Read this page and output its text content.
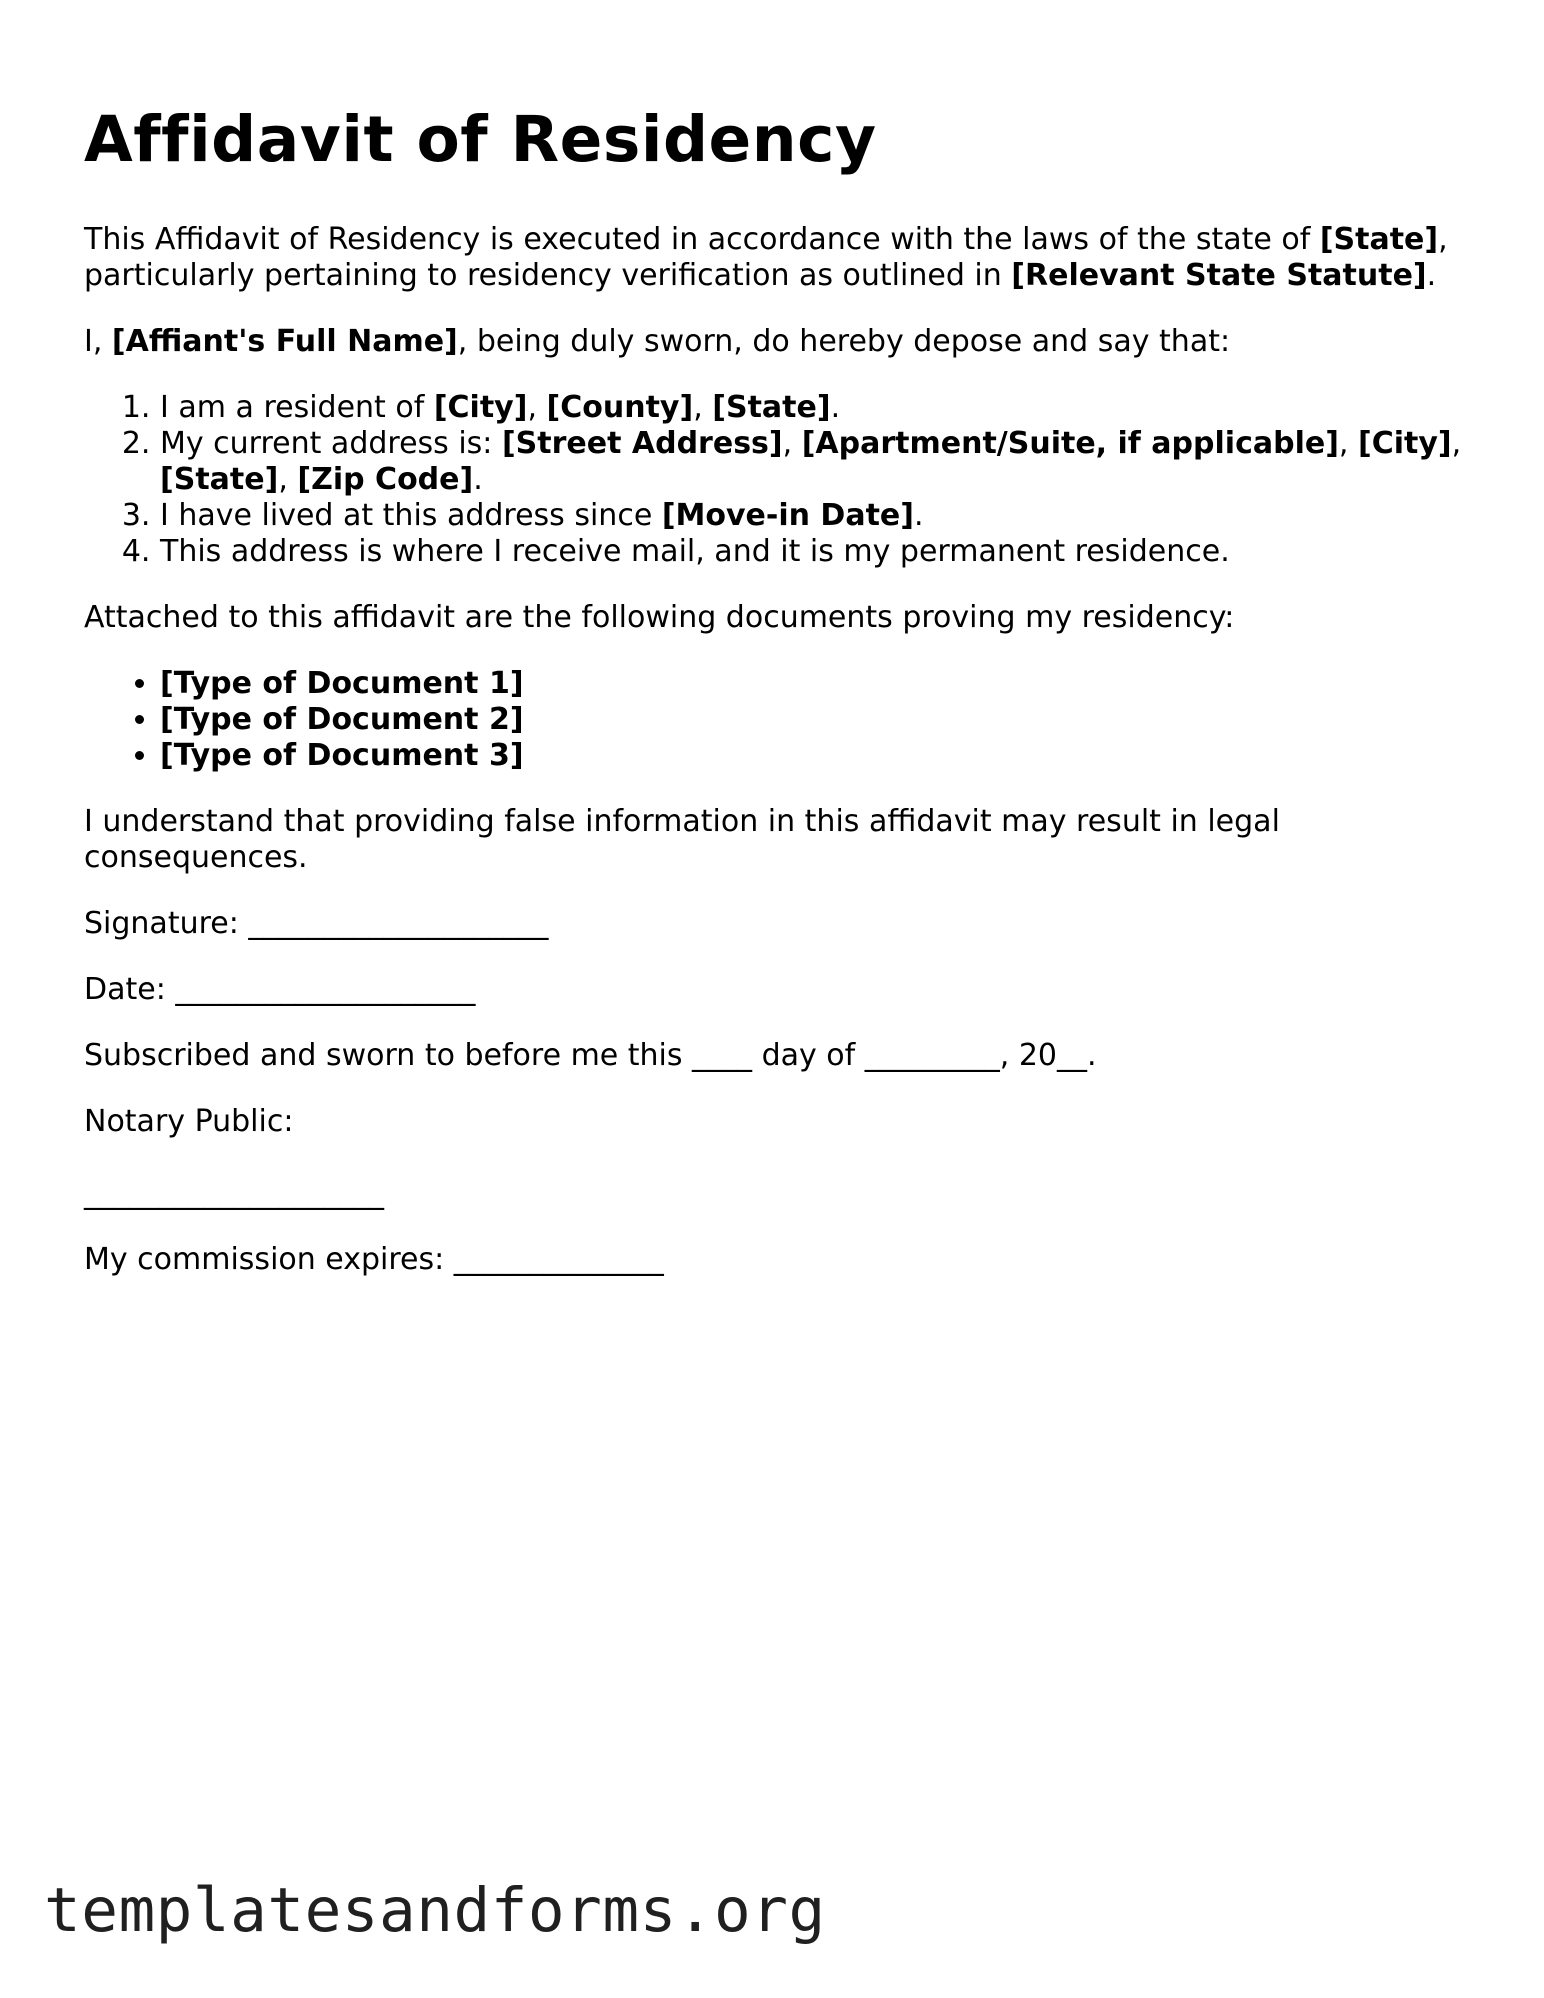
Affidavit of Residency

This Affidavit of Residency is executed in accordance with the laws of the state of [State], particularly pertaining to residency verification as outlined in [Relevant State Statute].

I, [Affiant's Full Name], being duly sworn, do hereby depose and say that:

1. I am a resident of [City], [County], [State].
2. My current address is: [Street Address], [Apartment/Suite, if applicable], [City], [State], [Zip Code].
3. I have lived at this address since [Move-in Date].
4. This address is where I receive mail, and it is my permanent residence.

Attached to this affidavit are the following documents proving my residency:

• [Type of Document 1]
• [Type of Document 2]
• [Type of Document 3]

I understand that providing false information in this affidavit may result in legal consequences.

Signature: ____________________

Date: ____________________

Subscribed and sworn to before me this ____ day of _________, 20__.

Notary Public:

____________________

My commission expires: ______________

templatesandforms.org
